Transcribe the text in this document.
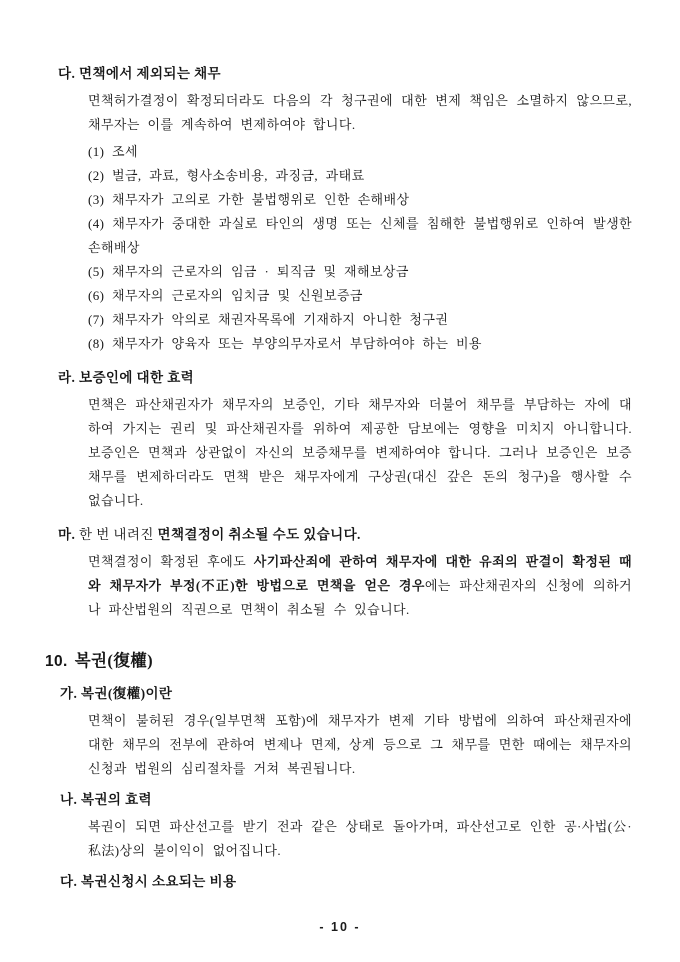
다. 면책에서 제외되는 채무

면책허가결정이 확정되더라도 다음의 각 청구권에 대한 변제 책임은 소멸하지 않으므로, 채무자는 이를 계속하여 변제하여야 합니다.

(1) 조세
(2) 벌금, 과료, 형사소송비용, 과징금, 과태료
(3) 채무자가 고의로 가한 불법행위로 인한 손해배상
(4) 채무자가 중대한 과실로 타인의 생명 또는 신체를 침해한 불법행위로 인하여 발생한 손해배상
(5) 채무자의 근로자의 임금 · 퇴직금 및 재해보상금
(6) 채무자의 근로자의 임치금 및 신원보증금
(7) 채무자가 악의로 채권자목록에 기재하지 아니한 청구권
(8) 채무자가 양육자 또는 부양의무자로서 부담하여야 하는 비용
라. 보증인에 대한 효력

면책은 파산채권자가 채무자의 보증인, 기타 채무자와 더불어 채무를 부담하는 자에 대하여 가지는 권리 및 파산채권자를 위하여 제공한 담보에는 영향을 미치지 아니합니다. 보증인은 면책과 상관없이 자신의 보증채무를 변제하여야 합니다. 그러나 보증인은 보증채무를 변제하더라도 면책 받은 채무자에게 구상권(대신 갚은 돈의 청구)을 행사할 수 없습니다.

마. 한 번 내려진 면책결정이 취소될 수도 있습니다.

면책결정이 확정된 후에도 사기파산죄에 관하여 채무자에 대한 유죄의 판결이 확정된 때와 채무자가 부정(不正)한 방법으로 면책을 얻은 경우에는 파산채권자의 신청에 의하거나 파산법원의 직권으로 면책이 취소될 수 있습니다.

10. 복권(復權)
가. 복권(復權)이란

면책이 불허된 경우(일부면책 포함)에 채무자가 변제 기타 방법에 의하여 파산채권자에 대한 채무의 전부에 관하여 변제나 면제, 상계 등으로 그 채무를 면한 때에는 채무자의 신청과 법원의 심리절차를 거쳐 복권됩니다.

나. 복권의 효력

복권이 되면 파산선고를 받기 전과 같은 상태로 돌아가며, 파산선고로 인한 공·사법(公·私法)상의 불이익이 없어집니다.

다. 복권신청시 소요되는 비용
- 10 -
